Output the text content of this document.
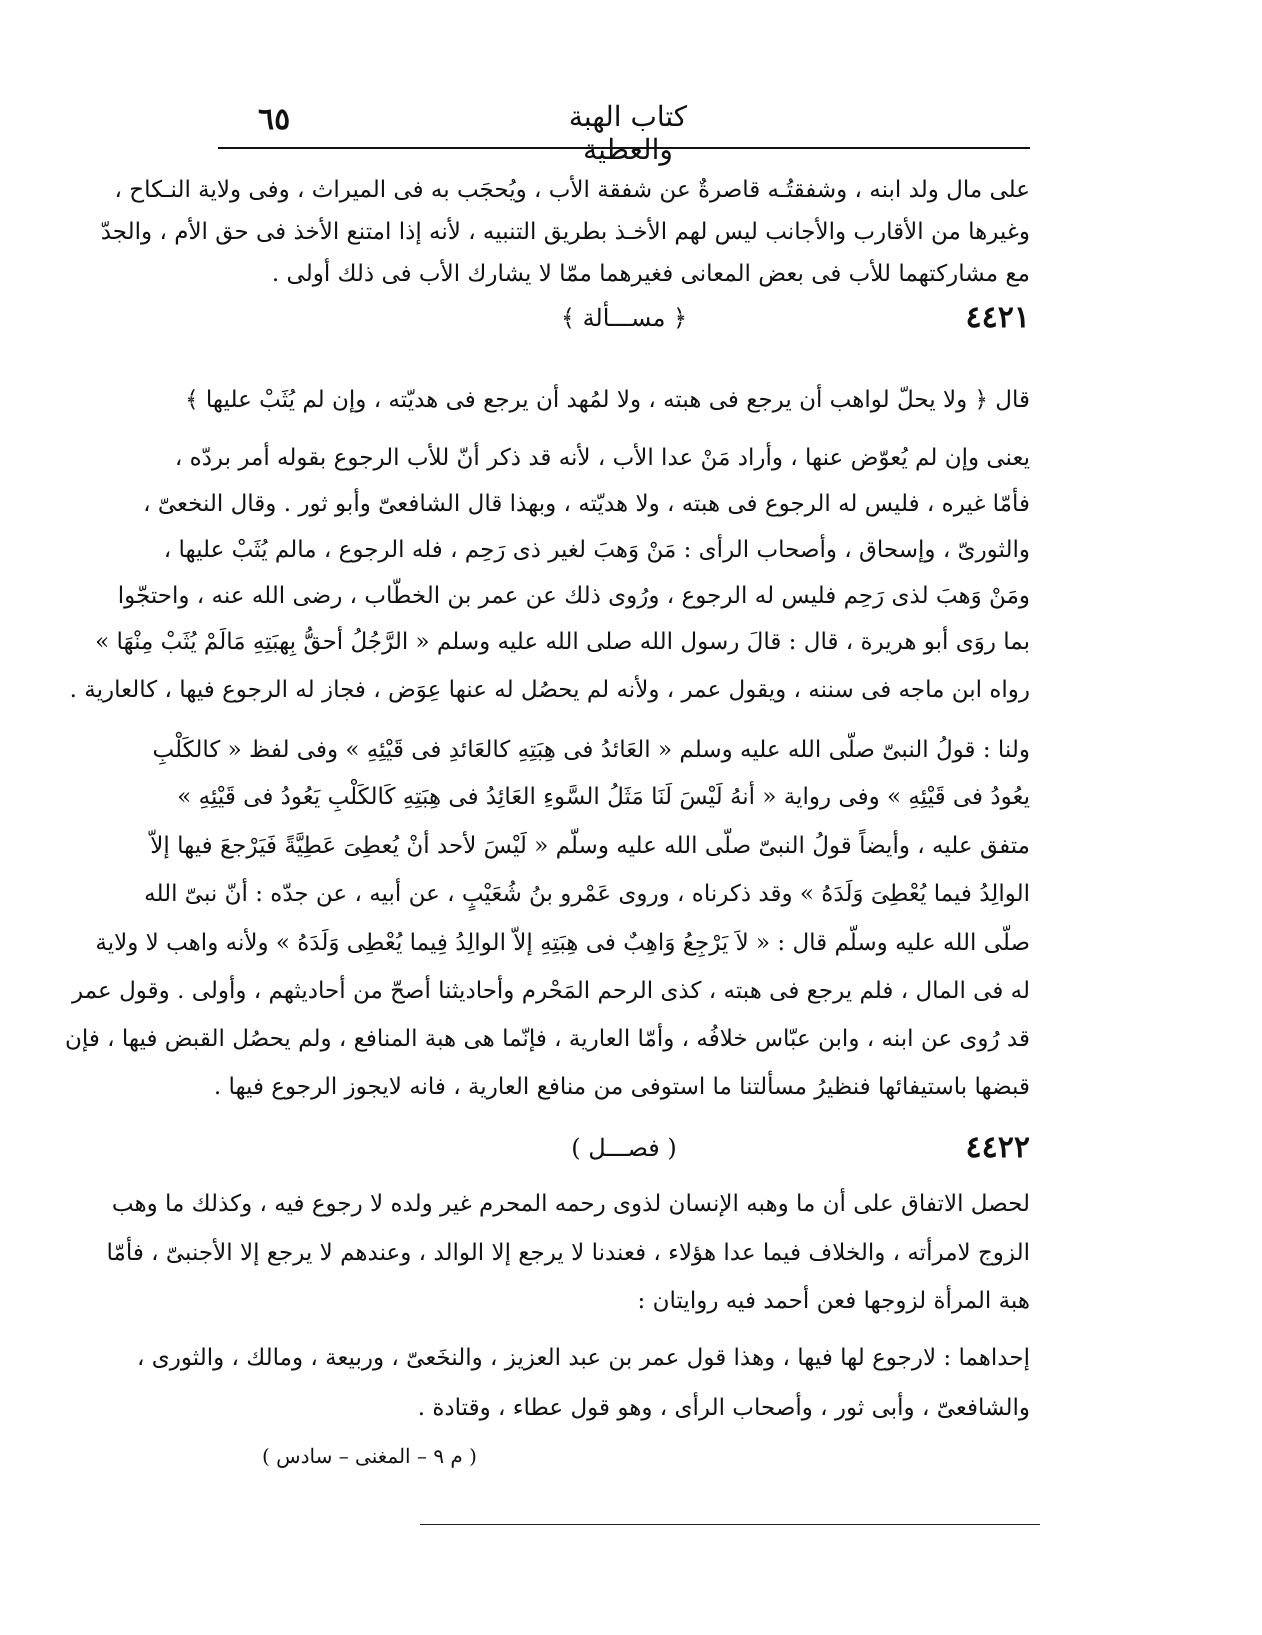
٦٥	كتاب الهبة والعطية
على مال ولد ابنه ، وشفقتُـه قاصرةٌ عن شفقة الأب ، ويُحجَب به فى الميراث ، وفى ولاية النـكاح ،
وغيرها من الأقارب والأجانب ليس لهم الأخـذ بطريق التنبيه ، لأنه إذا امتنع الأخذ فى حق الأم ، والجدّ
مع مشاركتهما للأب فى بعض المعانى فغيرهما ممّا لا يشارك الأب فى ذلك أولى .
٤٤٢١
﴿ مســـألة ﴾
قال ﴿ ولا يحلّ لواهب أن يرجع فى هبته ، ولا لمُهد أن يرجع فى هديّته ، وإن لم يُثَبْ عليها ﴾
يعنى وإن لم يُعوّض عنها ، وأراد مَنْ عدا الأب ، لأنه قد ذكر أنّ للأب الرجوع بقوله أمر بردّه ،
فأمّا غيره ، فليس له الرجوع فى هبته ، ولا هديّته ، وبهذا قال الشافعىّ وأبو ثور . وقال النخعىّ ،
والثورىّ ، وإسحاق ، وأصحاب الرأى : مَنْ وَهبَ لغير ذى رَحِم ، فله الرجوع ، مالم يُثَبْ عليها ،
ومَنْ وَهبَ لذى رَحِم فليس له الرجوع ، ورُوى ذلك عن عمر بن الخطّاب ، رضى الله عنه ، واحتجّوا
بما روَى أبو هريرة ، قال : قالَ رسول الله صلى الله عليه وسلم « الرَّجُلُ أحقُّ بِهبَتِهِ مَالَمْ يُثَبْ مِنْهَا »
رواه ابن ماجه فى سننه ، ويقول عمر ، ولأنه لم يحصُل له عنها عِوَض ، فجاز له الرجوع فيها ، كالعارية .
ولنا : قولُ النبىّ صلّى الله عليه وسلم « العَائدُ فى هِبَتِهِ كالعَائدِ فى قَيْئِهِ » وفى لفظ « كالكَلْبِ
يعُودُ فى قَيْئِهِ » وفى رواية « أنهُ لَيْسَ لَنَا مَثَلُ السَّوءِ العَائِدُ فى هِبَتِهِ كَالكَلْبِ يَعُودُ فى قَيْئِهِ »
متفق عليه ، وأيضاً قولُ النبىّ صلّى الله عليه وسلّم « لَيْسَ لأحد أنْ يُعطِىَ عَطِيَّةً فَيَرْجعَ فيها إلاّ
الوالِدُ فيما يُعْطِىَ وَلَدَهُ » وقد ذكرناه ، وروى عَمْرو بنُ شُعَيْبٍ ، عن أبيه ، عن جدّه : أنّ نبىّ الله
صلّى الله عليه وسلّم قال : « لاَ يَرْجِعُ وَاهِبٌ فى هِبَتِهِ إلاّ الوالِدُ فِيما يُعْطِى وَلَدَهُ » ولأنه واهب لا ولاية
له فى المال ، فلم يرجع فى هبته ، كذى الرحم المَحْرم وأحاديثنا أصحّ من أحاديثهم ، وأولى . وقول عمر
قد رُوى عن ابنه ، وابن عبّاس خلافُه ، وأمّا العارية ، فإنّما هى هبة المنافع ، ولم يحصُل القبض فيها ، فإن
قبضها باستيفائها فنظيرُ مسألتنا ما استوفى من منافع العارية ، فانه لايجوز الرجوع فيها .
٤٤٢٢
( فصـــل )
لحصل الاتفاق على أن ما وهبه الإنسان لذوى رحمه المحرم غير ولده لا رجوع فيه ، وكذلك ما وهب
الزوج لامرأته ، والخلاف فيما عدا هؤلاء ، فعندنا لا يرجع إلا الوالد ، وعندهم لا يرجع إلا الأجنبىّ ، فأمّا
هبة المرأة لزوجها فعن أحمد فيه روايتان :
إحداهما : لارجوع لها فيها ، وهذا قول عمر بن عبد العزيز ، والنخَعىّ ، وربيعة ، ومالك ، والثورى ،
والشافعىّ ، وأبى ثور ، وأصحاب الرأى ، وهو قول عطاء ، وقتادة .
( م ٩ – المغنى – سادس )
